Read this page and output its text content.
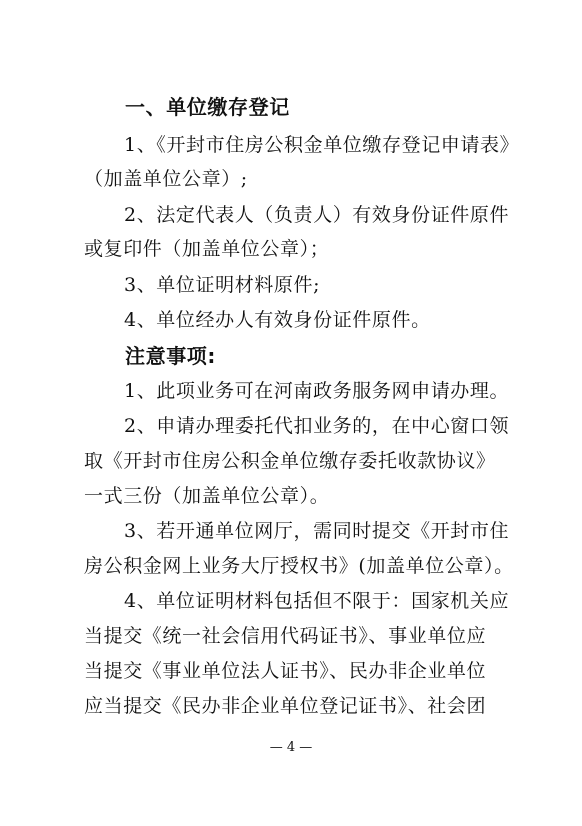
一、单位缴存登记
1、《开封市住房公积金单位缴存登记申请表》
（加盖单位公章）;
2、法定代表人（负责人）有效身份证件原件
或复印件（加盖单位公章）；
3、单位证明材料原件;
4、单位经办人有效身份证件原件。
注意事项:
1、此项业务可在河南政务服务网申请办理。
2、申请办理委托代扣业务的，在中心窗口领
取《开封市住房公积金单位缴存委托收款协议》
一式三份（加盖单位公章）。
3、若开通单位网厅，需同时提交《开封市住
房公积金网上业务大厅授权书》(加盖单位公章）。
4、单位证明材料包括但不限于：国家机关应
当提交《统一社会信用代码证书》、事业单位应
当提交《事业单位法人证书》、民办非企业单位
应当提交《民办非企业单位登记证书》、社会团
— 4 —
